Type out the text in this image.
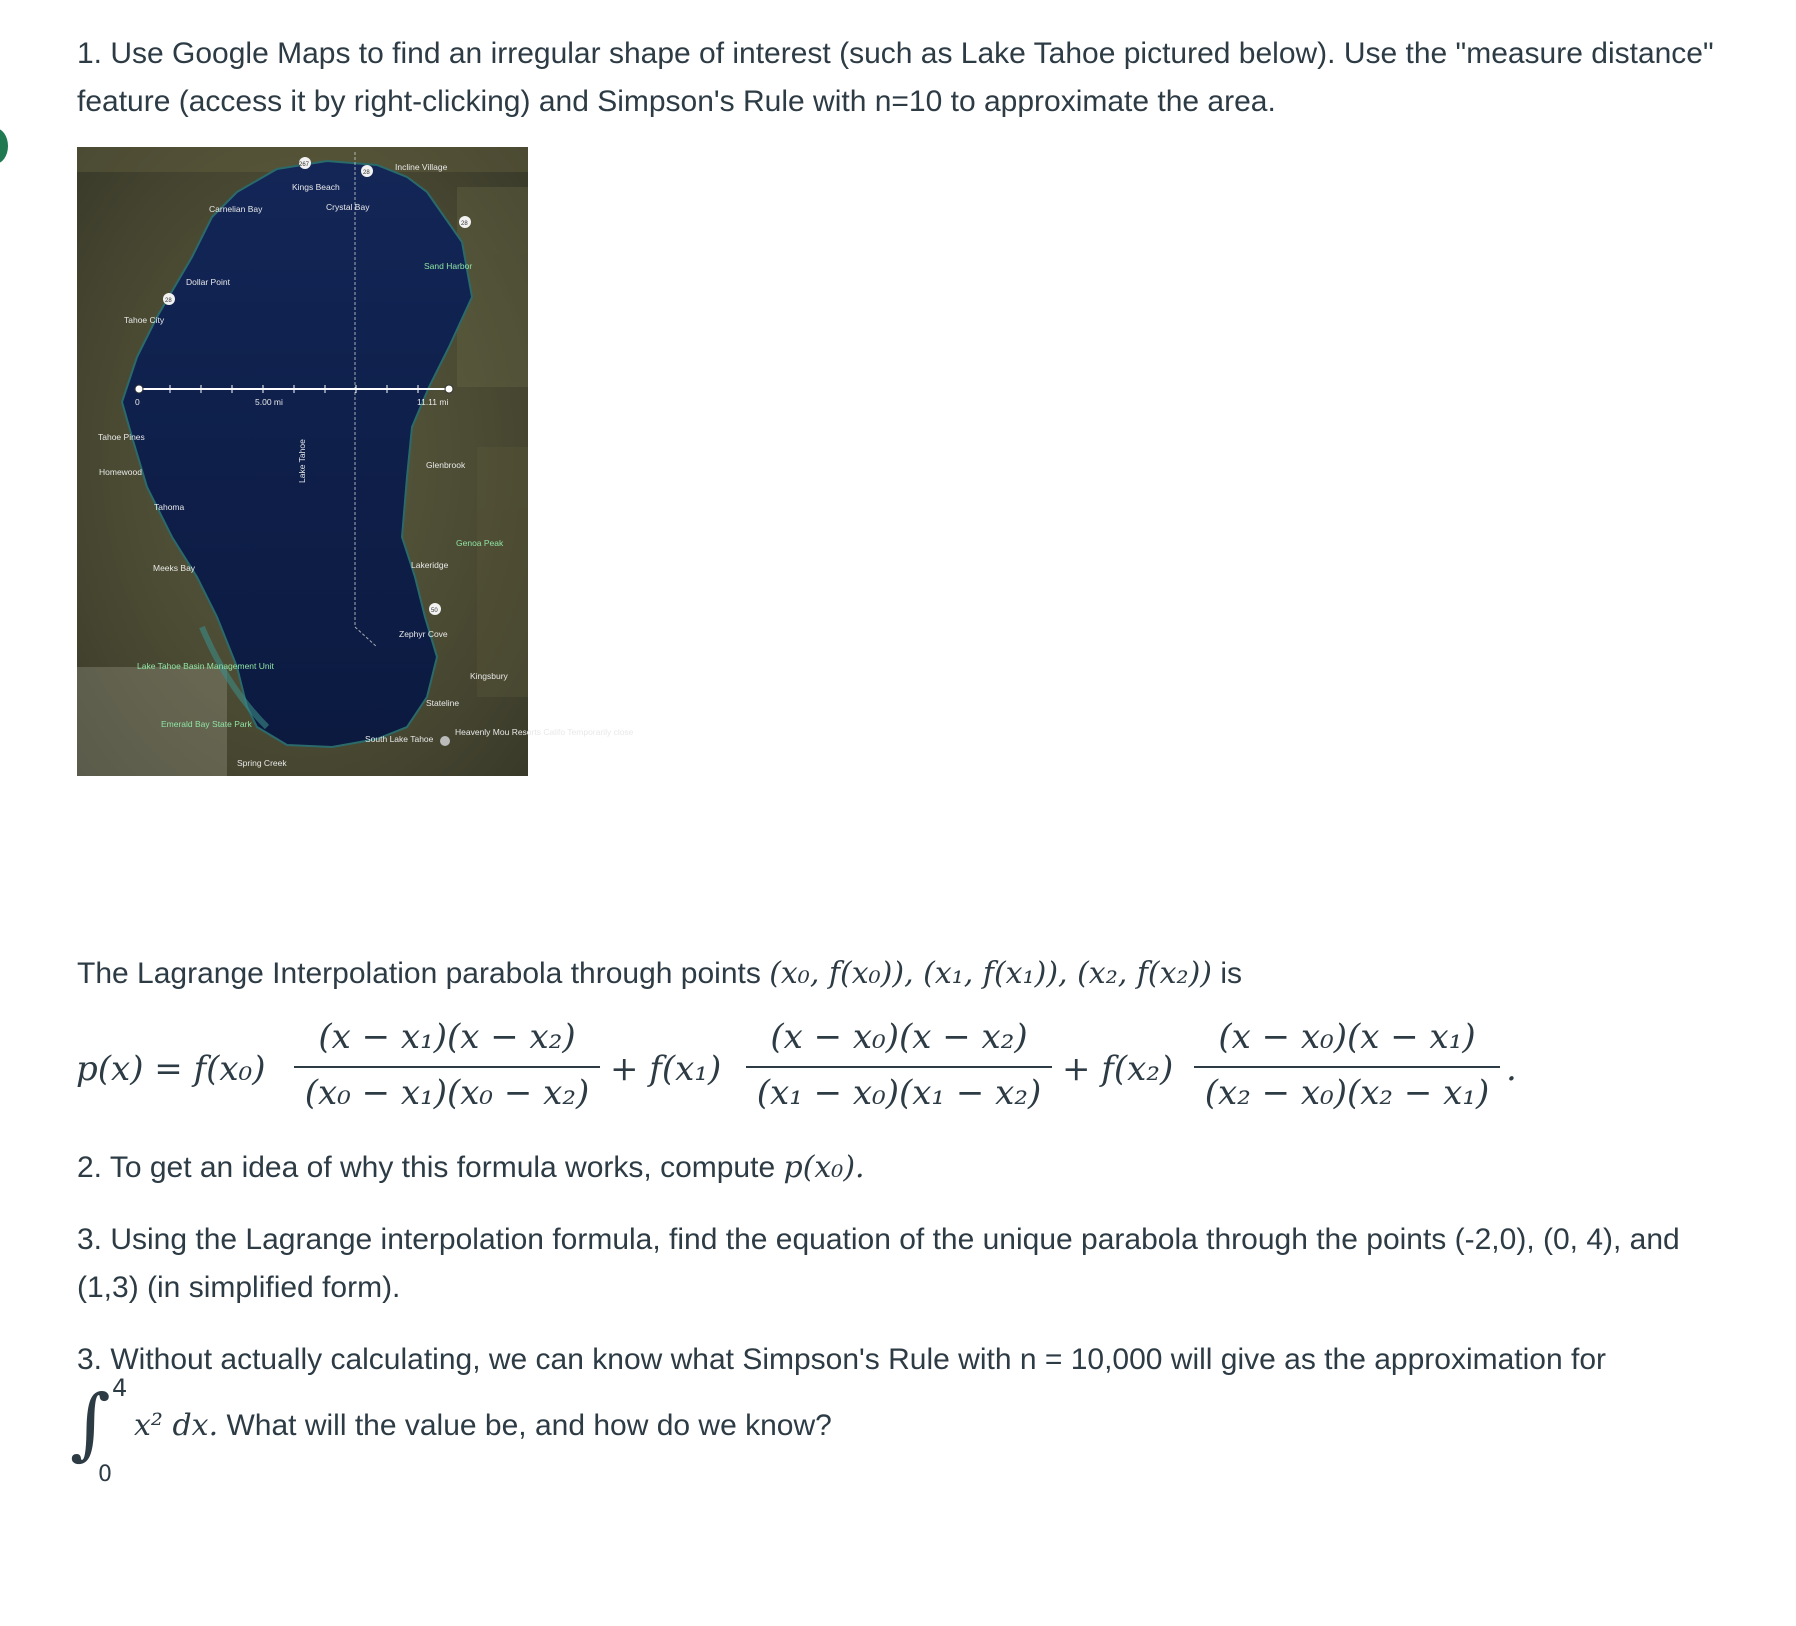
1. Use Google Maps to find an irregular shape of interest (such as Lake Tahoe pictured below). Use the "measure distance" feature (access it by right-clicking) and Simpson's Rule with n=10 to approximate the area.
0	5.00 mi	11.11 mi
267
28
28
28
50
Incline Village
Kings Beach
Crystal Bay
Carnelian Bay
Sand Harbor
Dollar Point
Tahoe City
Tahoe Pines
Homewood
Tahoma
Glenbrook
Lake Tahoe
Genoa Peak
Meeks Bay	Lakeridge
Zephyr Cove
Lake Tahoe Basin Management Unit
Kingsbury
Stateline
Emerald Bay State Park
South Lake Tahoe
Heavenly Mou Resorts Califo Temporarily close
Spring Creek
The Lagrange Interpolation parabola through points (x₀, f(x₀)), (x₁, f(x₁)), (x₂, f(x₂)) is
p(x) = f(x₀)
(x − x₁)(x − x₂)
(x₀ − x₁)(x₀ − x₂)
+ f(x₁)
(x − x₀)(x − x₂)
(x₁ − x₀)(x₁ − x₂)
+ f(x₂)
(x − x₀)(x − x₁)
(x₂ − x₀)(x₂ − x₁)
.
2. To get an idea of why this formula works, compute p(x₀).
3. Using the Lagrange interpolation formula, find the equation of the unique parabola through the points (-2,0), (0, 4), and (1,3) (in simplified form).
3. Without actually calculating, we can know what Simpson's Rule with n = 10,000 will give as the approximation for
∫ 4
0
x² dx. What will the value be, and how do we know?
